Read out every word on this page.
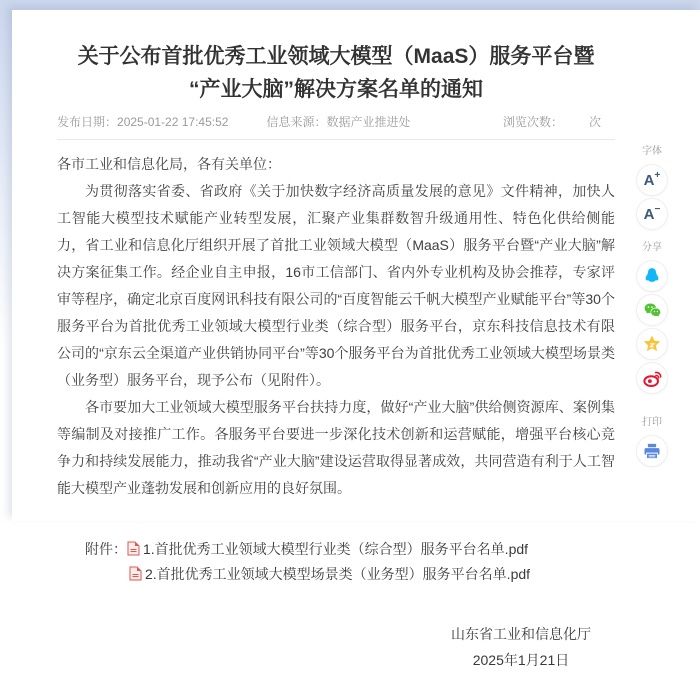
关于公布首批优秀工业领域大模型（MaaS）服务平台暨
“产业大脑”解决方案名单的通知
发布日期：2025-01-22 17:45:52	信息来源：数据产业推进处	浏览次数： 次

各市工业和信息化局，各有关单位：

为贯彻落实省委、省政府《关于加快数字经济高质量发展的意见》文件精神，加快人工智能大模型技术赋能产业转型发展，汇聚产业集群数智升级通用性、特色化供给侧能力，省工业和信息化厅组织开展了首批工业领域大模型（MaaS）服务平台暨“产业大脑”解决方案征集工作。经企业自主申报，16市工信部门、省内外专业机构及协会推荐，专家评审等程序，确定北京百度网讯科技有限公司的“百度智能云千帆大模型产业赋能平台”等30个服务平台为首批优秀工业领域大模型行业类（综合型）服务平台，京东科技信息技术有限公司的“京东云全渠道产业供销协同平台”等30个服务平台为首批优秀工业领域大模型场景类（业务型）服务平台，现予公布（见附件）。

各市要加大工业领域大模型服务平台扶持力度，做好“产业大脑”供给侧资源库、案例集等编制及对接推广工作。各服务平台要进一步深化技术创新和运营赋能，增强平台核心竞争力和持续发展能力，推动我省“产业大脑”建设运营取得显著成效，共同营造有利于人工智能大模型产业蓬勃发展和创新应用的良好氛围。

附件： 1.首批优秀工业领域大模型行业类（综合型）服务平台名单.pdf
2.首批优秀工业领域大模型场景类（业务型）服务平台名单.pdf
山东省工业和信息化厅
2025年1月21日
字体
A+
A−
分享
打印
